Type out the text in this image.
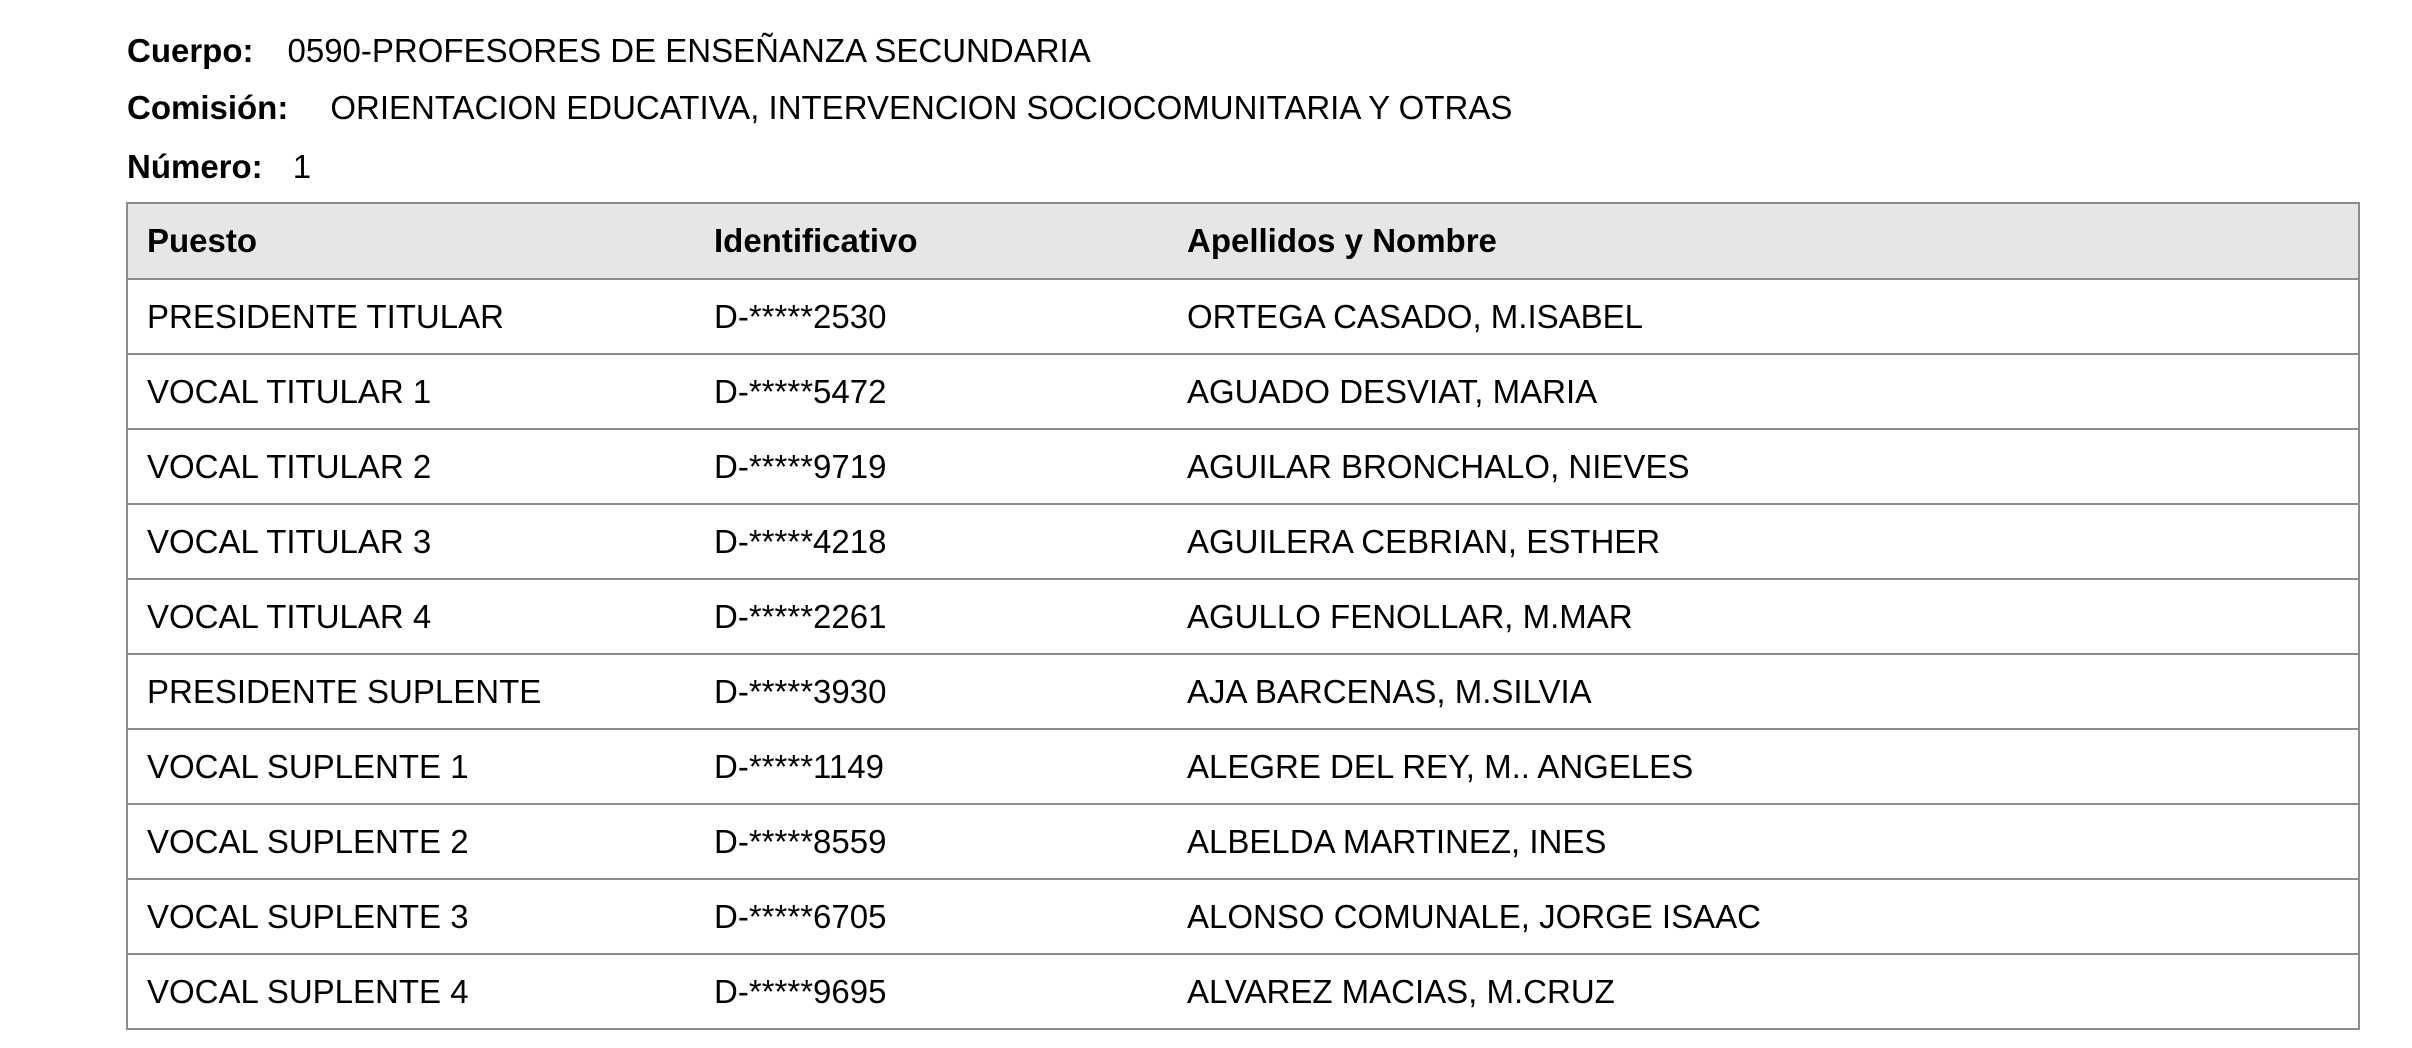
Cuerpo: 0590-PROFESORES DE ENSEÑANZA SECUNDARIA
Comisión: ORIENTACION EDUCATIVA, INTERVENCION SOCIOCOMUNITARIA Y OTRAS
Número: 1
Puesto	Identificativo	Apellidos y Nombre
PRESIDENTE TITULAR	D-*****2530	ORTEGA CASADO, M.ISABEL
VOCAL TITULAR 1	D-*****5472	AGUADO DESVIAT, MARIA
VOCAL TITULAR 2	D-*****9719	AGUILAR BRONCHALO, NIEVES
VOCAL TITULAR 3	D-*****4218	AGUILERA CEBRIAN, ESTHER
VOCAL TITULAR 4	D-*****2261	AGULLO FENOLLAR, M.MAR
PRESIDENTE SUPLENTE	D-*****3930	AJA BARCENAS, M.SILVIA
VOCAL SUPLENTE 1	D-*****1149	ALEGRE DEL REY, M.. ANGELES
VOCAL SUPLENTE 2	D-*****8559	ALBELDA MARTINEZ, INES
VOCAL SUPLENTE 3	D-*****6705	ALONSO COMUNALE, JORGE ISAAC
VOCAL SUPLENTE 4	D-*****9695	ALVAREZ MACIAS, M.CRUZ
